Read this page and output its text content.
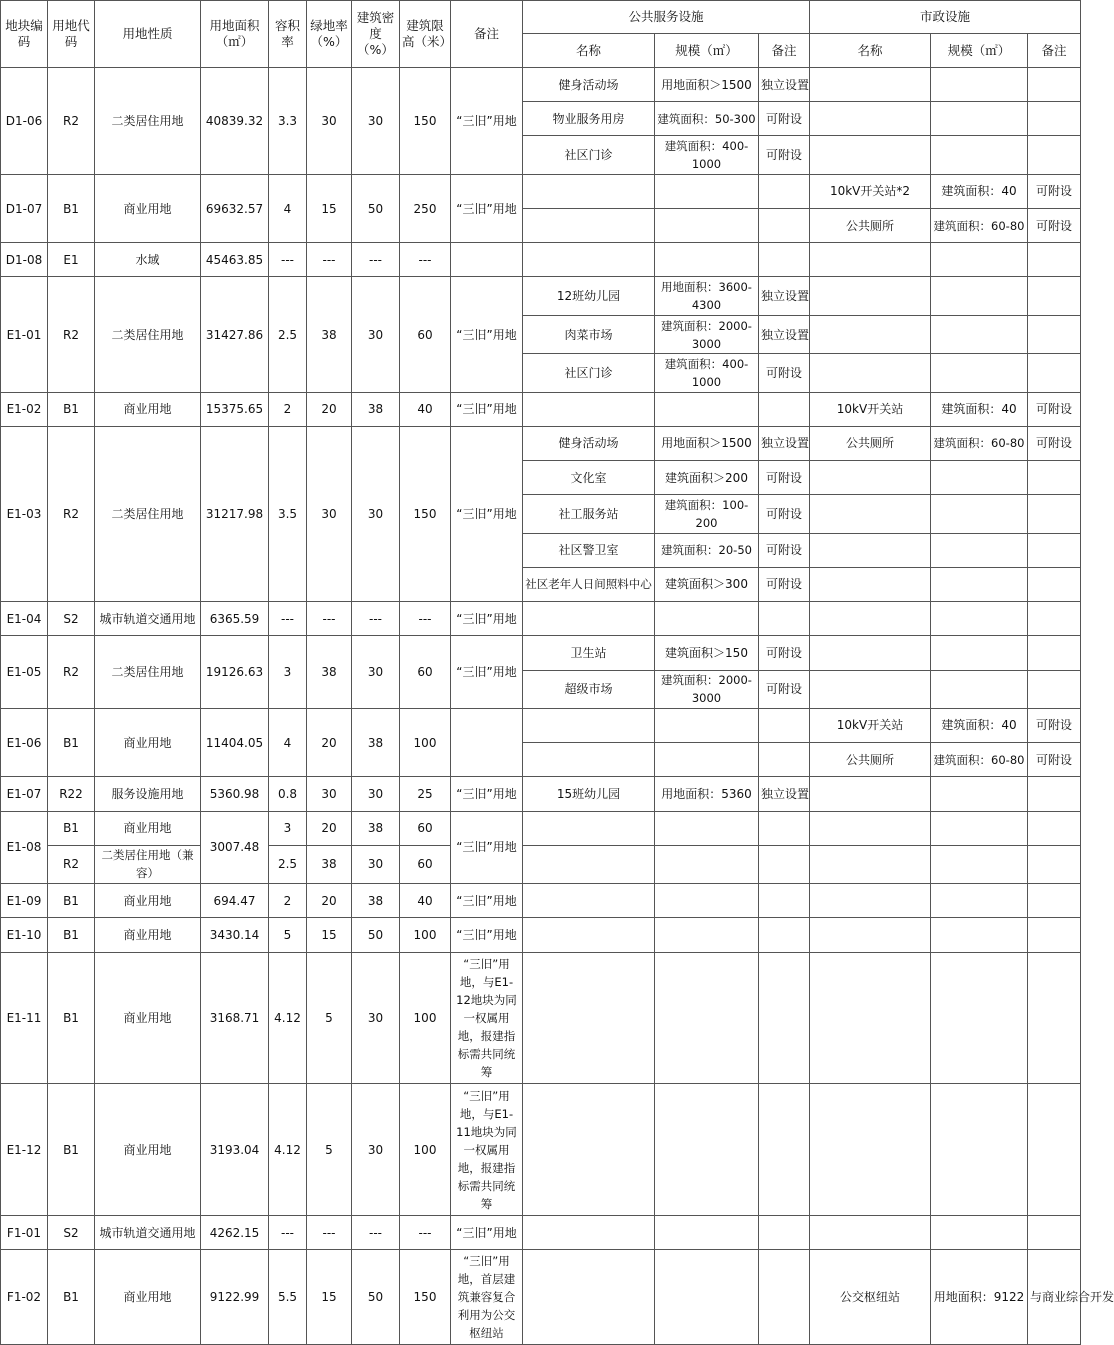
地块编码	用地代码	用地性质	用地面积（㎡）	容积率	绿地率（%）	建筑密度（%）	建筑限高（米）	备注	公共服务设施			市政设施		
									名称	规模（㎡）	备注	名称	规模（㎡）	备注
D1-06	R2	二类居住用地	40839.32	3.3	30	30	150	“三旧”用地	健身活动场	用地面积＞1500	独立设置			
									物业服务用房	建筑面积：50-300	可附设			
									社区门诊	建筑面积：400-1000	可附设			
D1-07	B1	商业用地	69632.57	4	15	50	250	“三旧”用地				10kV开关站*2	建筑面积：40	可附设
												公共厕所	建筑面积：60-80	可附设
D1-08	E1	水域	45463.85	---	---	---	---							
E1-01	R2	二类居住用地	31427.86	2.5	38	30	60	“三旧”用地	12班幼儿园	用地面积：3600-4300	独立设置			
									肉菜市场	建筑面积：2000-3000	独立设置			
									社区门诊	建筑面积：400-1000	可附设			
E1-02	B1	商业用地	15375.65	2	20	38	40	“三旧”用地				10kV开关站	建筑面积：40	可附设
E1-03	R2	二类居住用地	31217.98	3.5	30	30	150	“三旧”用地	健身活动场	用地面积＞1500	独立设置	公共厕所	建筑面积：60-80	可附设
									文化室	建筑面积＞200	可附设			
									社工服务站	建筑面积：100-200	可附设			
									社区警卫室	建筑面积：20-50	可附设			
									社区老年人日间照料中心	建筑面积＞300	可附设			
E1-04	S2	城市轨道交通用地	6365.59	---	---	---	---	“三旧”用地						
E1-05	R2	二类居住用地	19126.63	3	38	30	60	“三旧”用地	卫生站	建筑面积＞150	可附设			
									超级市场	建筑面积：2000-3000	可附设			
E1-06	B1	商业用地	11404.05	4	20	38	100					10kV开关站	建筑面积：40	可附设
												公共厕所	建筑面积：60-80	可附设
E1-07	R22	服务设施用地	5360.98	0.8	30	30	25	“三旧”用地	15班幼儿园	用地面积：5360	独立设置			
E1-08	B1	商业用地	3007.48	3	20	38	60	“三旧”用地						
	R2	二类居住用地（兼容）		2.5	38	30	60							
E1-09	B1	商业用地	694.47	2	20	38	40	“三旧”用地						
E1-10	B1	商业用地	3430.14	5	15	50	100	“三旧”用地						
E1-11	B1	商业用地	3168.71	4.12	5	30	100	“三旧”用地，与E1-12地块为同一权属用地，报建指标需共同统筹						
E1-12	B1	商业用地	3193.04	4.12	5	30	100	“三旧”用地，与E1-11地块为同一权属用地，报建指标需共同统筹						
F1-01	S2	城市轨道交通用地	4262.15	---	---	---	---	“三旧”用地						
F1-02	B1	商业用地	9122.99	5.5	15	50	150	“三旧”用地，首层建筑兼容复合利用为公交枢纽站				公交枢纽站	用地面积：9122	与商业综合开发
